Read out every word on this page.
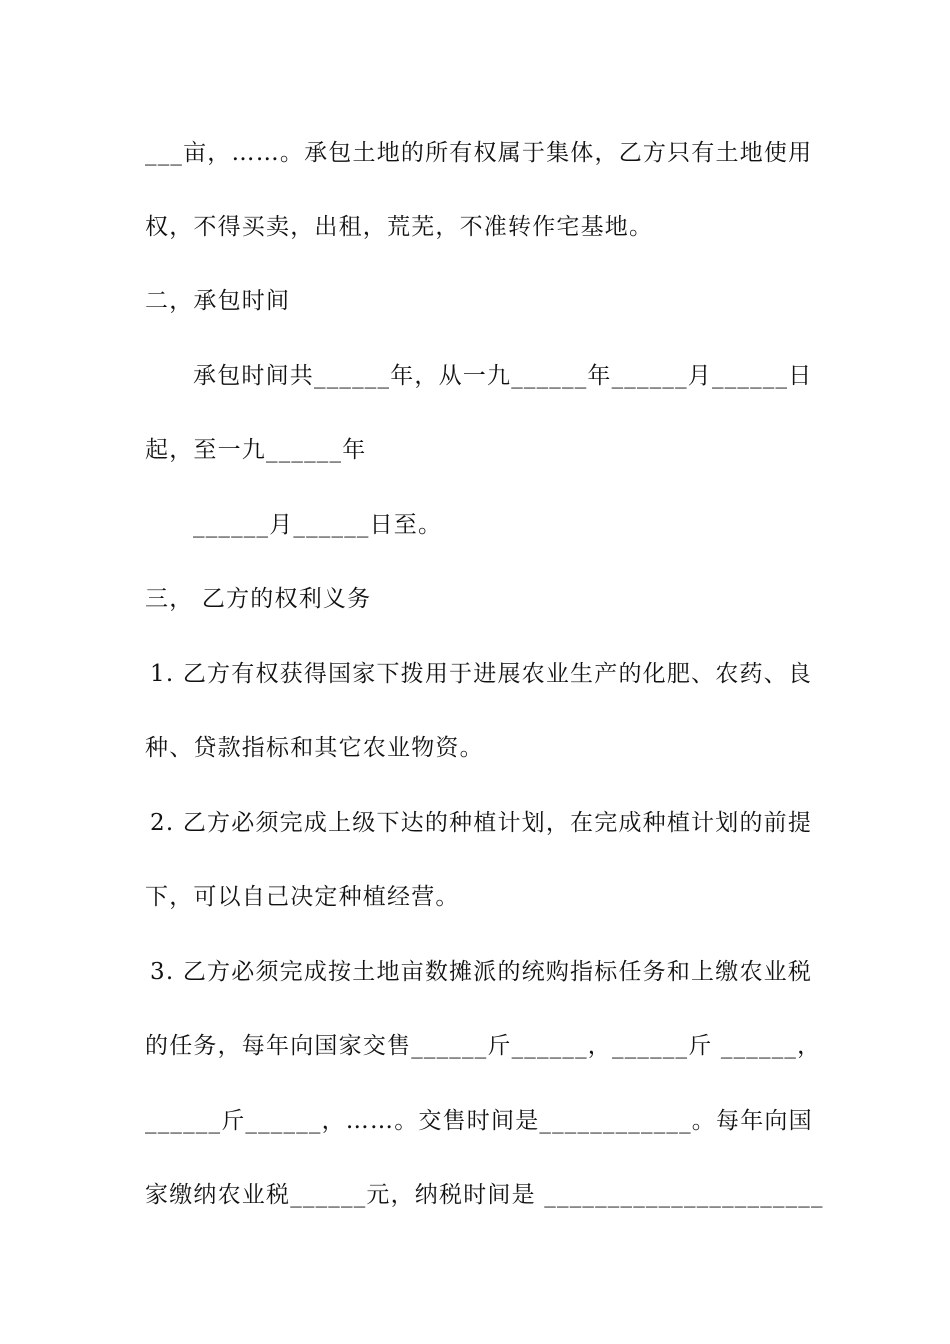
___亩，……。承包土地的所有权属于集体，乙方只有土地使用
权，不得买卖，出租，荒芜，不准转作宅基地。
二，承包时间
承包时间共______年，从一九______年______月______日
起，至一九______年
______月______日至。
三， 乙方的权利义务
1. 乙方有权获得国家下拨用于进展农业生产的化肥、农药、良
种、贷款指标和其它农业物资。
2. 乙方必须完成上级下达的种植计划，在完成种植计划的前提
下，可以自己决定种植经营。
3. 乙方必须完成按土地亩数摊派的统购指标任务和上缴农业税
的任务，每年向国家交售______斤______，______斤 ______，
______斤______，……。交售时间是____________。每年向国
家缴纳农业税______元，纳税时间是 ______________________
